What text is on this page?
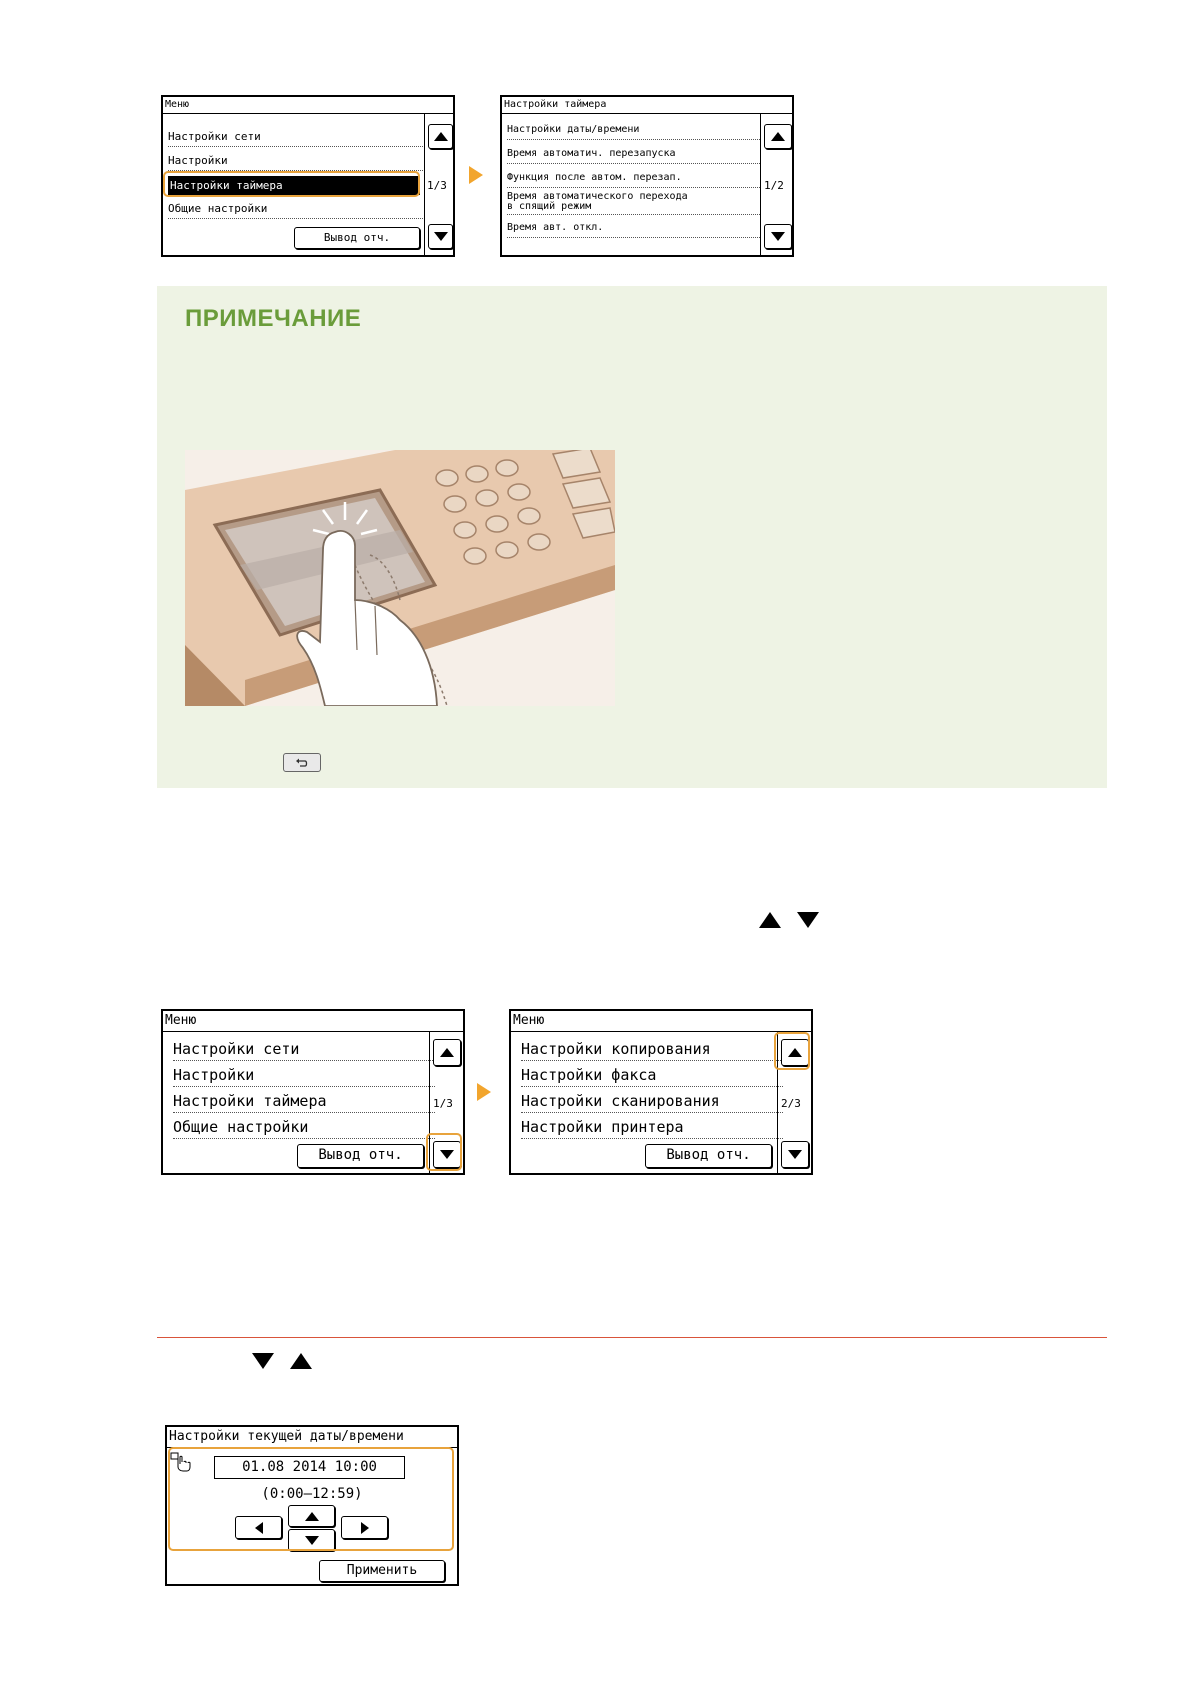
Меню
Настройки сети
Настройки
Настройки таймера
Общие настройки
Вывод отч.
1/3
Настройки таймера
Настройки даты/времени
Время автоматич. перезапуска
Функция после автом. перезап.
Время автоматического перехода
в спящий режим
Время авт. откл.
1/2
ПРИМЕЧАНИЕ
Меню
Настройки сети
Настройки
Настройки таймера
Общие настройки
Вывод отч.
1/3
Меню
Настройки копирования
Настройки факса
Настройки сканирования
Настройки принтера
Вывод отч.
2/3
Настройки текущей даты/времени
01.08 2014 10:00
(0:00–12:59)
Применить
